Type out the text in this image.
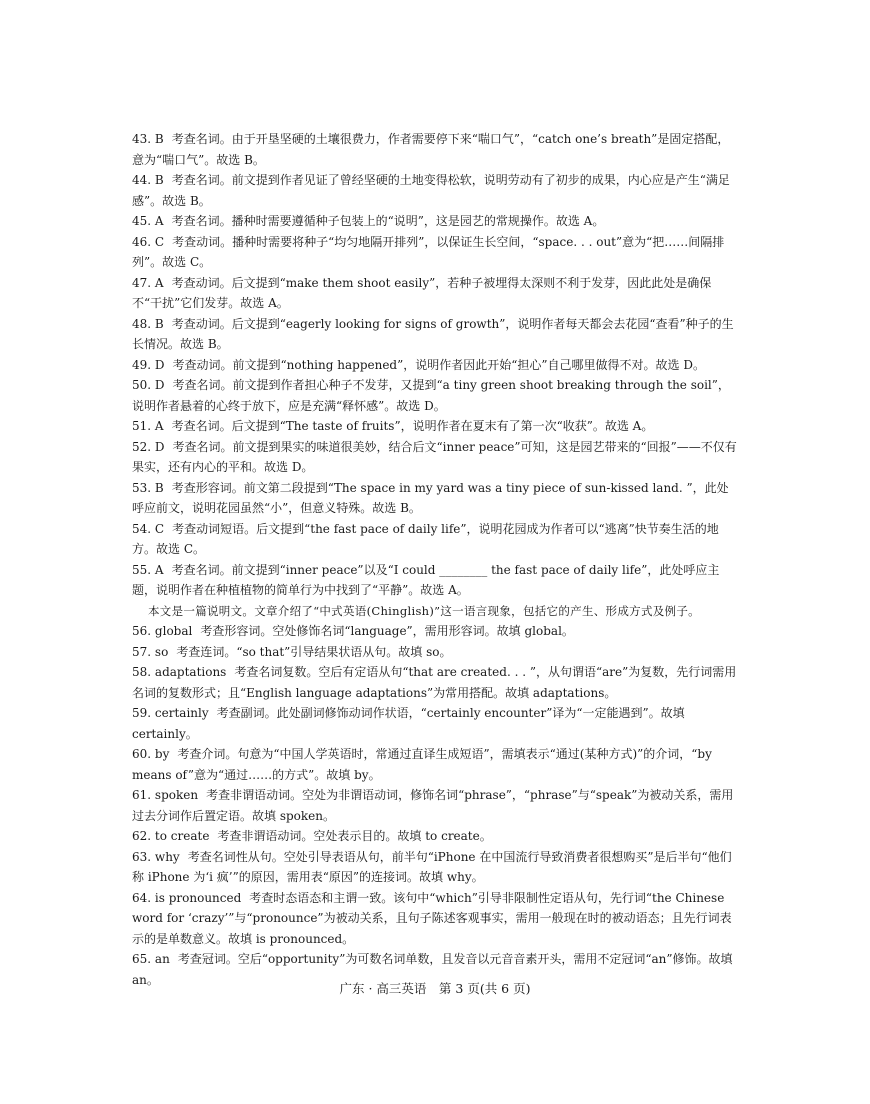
43. B 考查名词。由于开垦坚硬的土壤很费力，作者需要停下来“喘口气”，“catch one’s breath”是固定搭配，意为“喘口气”。故选 B。
44. B 考查名词。前文提到作者见证了曾经坚硬的土地变得松软，说明劳动有了初步的成果，内心应是产生“满足感”。故选 B。
45. A 考查名词。播种时需要遵循种子包装上的“说明”，这是园艺的常规操作。故选 A。
46. C 考查动词。播种时需要将种子“均匀地隔开排列”，以保证生长空间，“space. . . out”意为“把……间隔排列”。故选 C。
47. A 考查动词。后文提到“make them shoot easily”，若种子被埋得太深则不利于发芽，因此此处是确保不“干扰”它们发芽。故选 A。
48. B 考查动词。后文提到“eagerly looking for signs of growth”，说明作者每天都会去花园“查看”种子的生长情况。故选 B。
49. D 考查动词。前文提到“nothing happened”，说明作者因此开始“担心”自己哪里做得不对。故选 D。
50. D 考查名词。前文提到作者担心种子不发芽，又提到“a tiny green shoot breaking through the soil”，说明作者悬着的心终于放下，应是充满“释怀感”。故选 D。
51. A 考查名词。后文提到“The taste of fruits”，说明作者在夏末有了第一次“收获”。故选 A。
52. D 考查名词。前文提到果实的味道很美妙，结合后文“inner peace”可知，这是园艺带来的“回报”——不仅有果实，还有内心的平和。故选 D。
53. B 考查形容词。前文第二段提到“The space in my yard was a tiny piece of sun-kissed land. ”，此处呼应前文，说明花园虽然“小”，但意义特殊。故选 B。
54. C 考查动词短语。后文提到“the fast pace of daily life”，说明花园成为作者可以“逃离”快节奏生活的地方。故选 C。
55. A 考查名词。前文提到“inner peace”以及“I could ________ the fast pace of daily life”，此处呼应主题，说明作者在种植植物的简单行为中找到了“平静”。故选 A。
本文是一篇说明文。文章介绍了“中式英语(Chinglish)”这一语言现象，包括它的产生、形成方式及例子。
56. global 考查形容词。空处修饰名词“language”，需用形容词。故填 global。
57. so 考查连词。“so that”引导结果状语从句。故填 so。
58. adaptations 考查名词复数。空后有定语从句“that are created. . . ”，从句谓语“are”为复数，先行词需用名词的复数形式；且“English language adaptations”为常用搭配。故填 adaptations。
59. certainly 考查副词。此处副词修饰动词作状语，“certainly encounter”译为“一定能遇到”。故填 certainly。
60. by 考查介词。句意为“中国人学英语时，常通过直译生成短语”，需填表示“通过(某种方式)”的介词，“by means of”意为“通过……的方式”。故填 by。
61. spoken 考查非谓语动词。空处为非谓语动词，修饰名词“phrase”，“phrase”与“speak”为被动关系，需用过去分词作后置定语。故填 spoken。
62. to create 考查非谓语动词。空处表示目的。故填 to create。
63. why 考查名词性从句。空处引导表语从句，前半句“iPhone 在中国流行导致消费者很想购买”是后半句“他们称 iPhone 为‘i 疯’”的原因，需用表“原因”的连接词。故填 why。
64. is pronounced 考查时态语态和主谓一致。该句中“which”引导非限制性定语从句，先行词“the Chinese word for ‘crazy’”与“pronounce”为被动关系，且句子陈述客观事实，需用一般现在时的被动语态；且先行词表示的是单数意义。故填 is pronounced。
65. an 考查冠词。空后“opportunity”为可数名词单数，且发音以元音音素开头，需用不定冠词“an”修饰。故填 an。
广东 · 高三英语　第 3 页(共 6 页)
